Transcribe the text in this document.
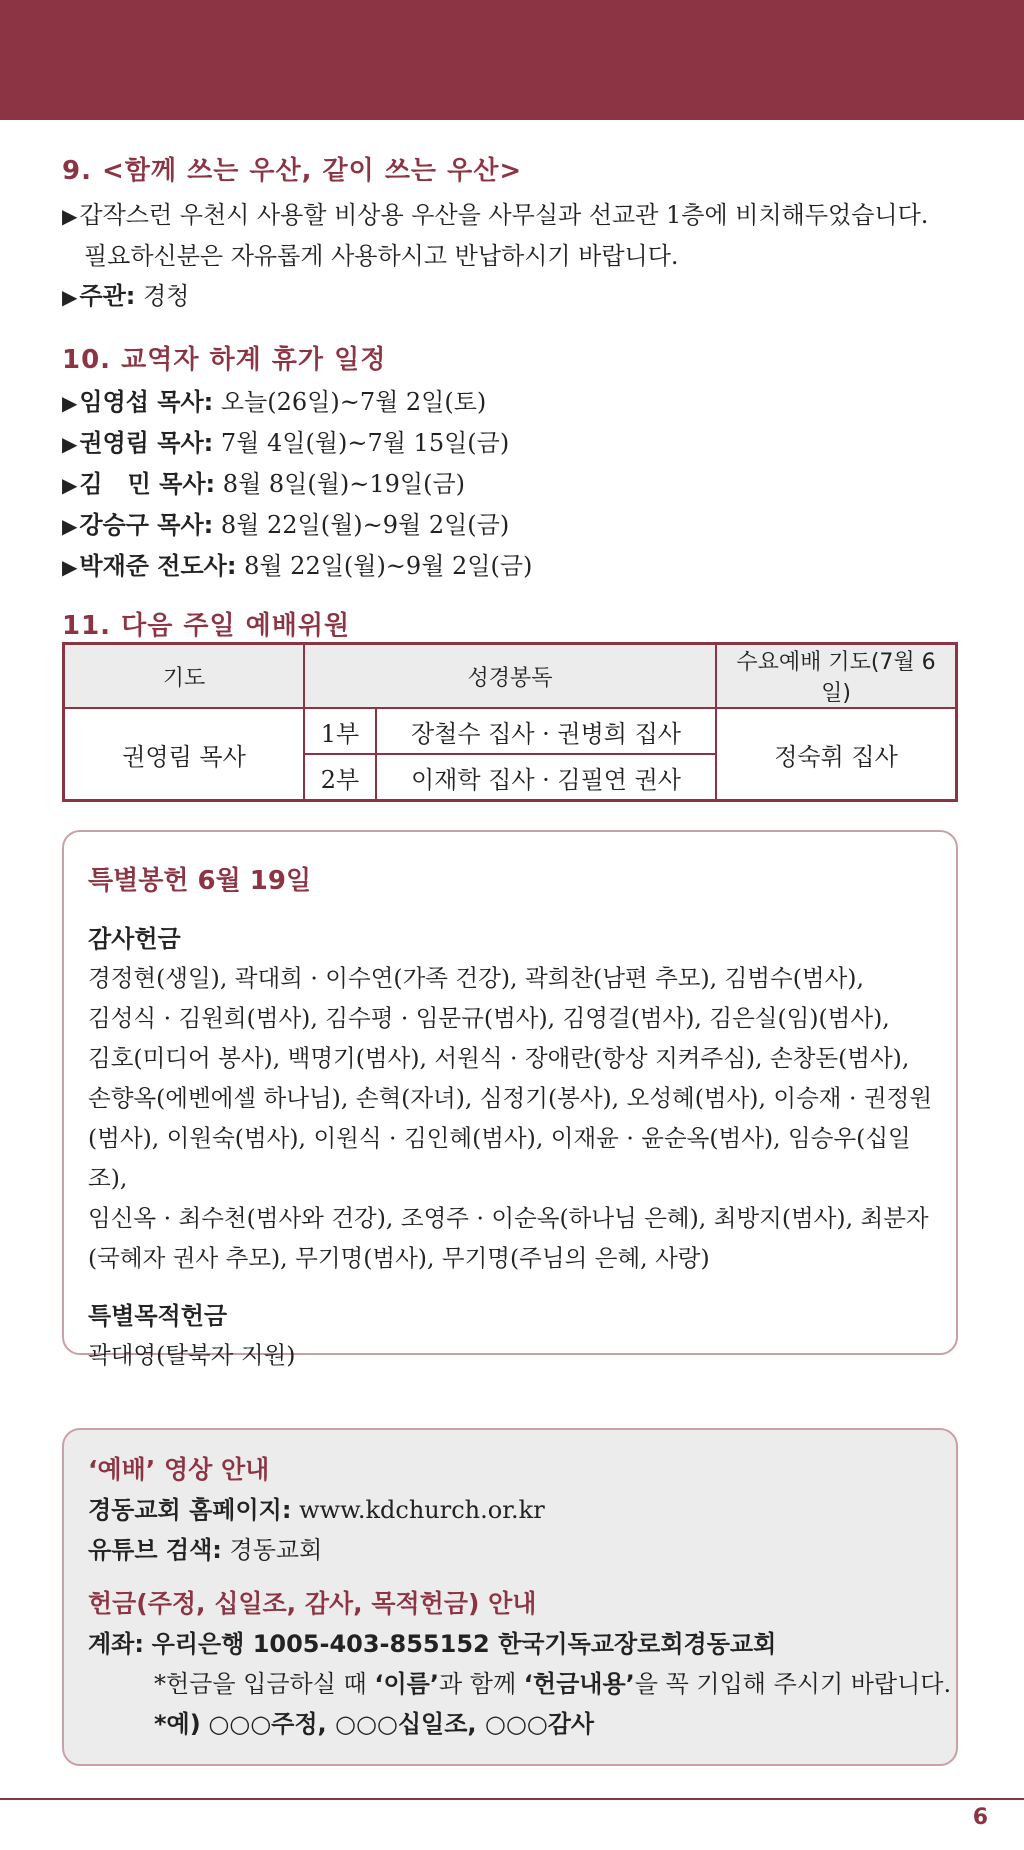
9. <함께 쓰는 우산, 같이 쓰는 우산>

▶갑작스런 우천시 사용할 비상용 우산을 사무실과 선교관 1층에 비치해두었습니다.
필요하신분은 자유롭게 사용하시고 반납하시기 바랍니다.
▶주관: 경청

10. 교역자 하계 휴가 일정

▶임영섭 목사: 오늘(26일)~7월 2일(토)
▶권영림 목사: 7월 4일(월)~7월 15일(금)
▶김   민 목사: 8월 8일(월)~19일(금)
▶강승구 목사: 8월 22일(월)~9월 2일(금)
▶박재준 전도사: 8월 22일(월)~9월 2일(금)

11. 다음 주일 예배위원

기도	성경봉독		수요예배 기도(7월 6일)
권영림 목사	1부	장철수 집사 · 권병희 집사	정숙휘 집사
	2부	이재학 집사 · 김필연 권사	

특별봉헌 6월 19일

감사헌금

경정현(생일), 곽대희 · 이수연(가족 건강), 곽희찬(남편 추모), 김범수(범사),

김성식 · 김원희(범사), 김수평 · 임문규(범사), 김영걸(범사), 김은실(임)(범사),

김호(미디어 봉사), 백명기(범사), 서원식 · 장애란(항상 지켜주심), 손창돈(범사),

손향옥(에벤에셀 하나님), 손혁(자녀), 심정기(봉사), 오성혜(범사), 이승재 · 권정원

(범사), 이원숙(범사), 이원식 · 김인혜(범사), 이재윤 · 윤순옥(범사), 임승우(십일조),

임신옥 · 최수천(범사와 건강), 조영주 · 이순옥(하나님 은혜), 최방지(범사), 최분자

(국혜자 권사 추모), 무기명(범사), 무기명(주님의 은혜, 사랑)

특별목적헌금

곽대영(탈북자 지원)

‘예배’ 영상 안내
경동교회 홈페이지: www.kdchurch.or.kr
유튜브 검색: 경동교회
헌금(주정, 십일조, 감사, 목적헌금) 안내
계좌: 우리은행 1005-403-855152 한국기독교장로회경동교회
*헌금을 입금하실 때 ‘이름’과 함께 ‘헌금내용’을 꼭 기입해 주시기 바랍니다.
*예) ○○○주정, ○○○십일조, ○○○감사
6
